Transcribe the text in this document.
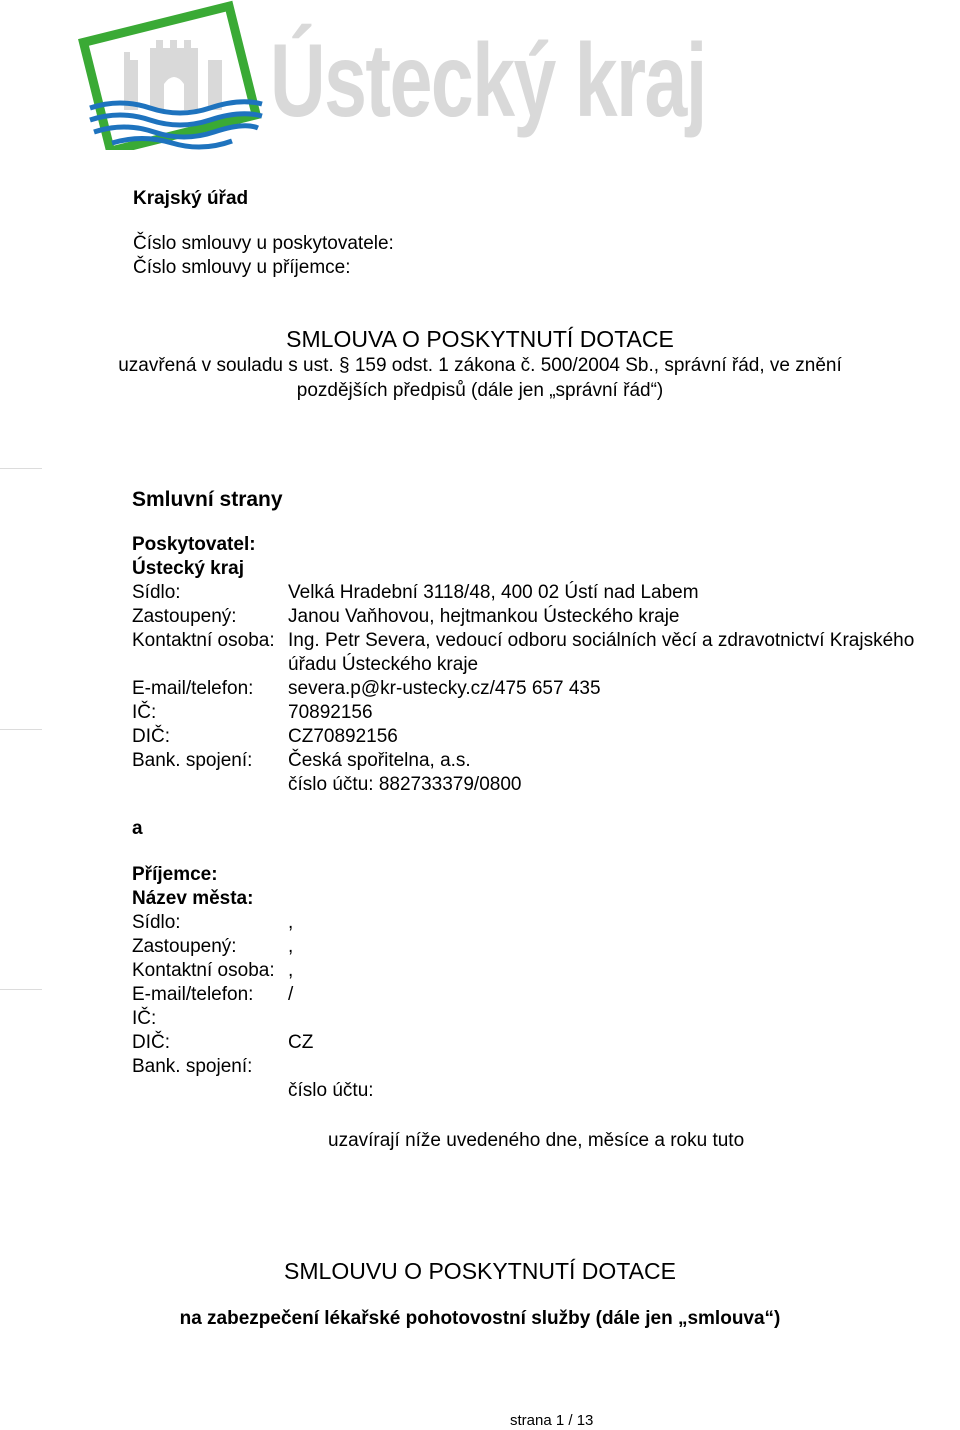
Ústecký kraj
Krajský úřad
Číslo smlouvy u poskytovatele:
Číslo smlouvy u příjemce:
SMLOUVA O POSKYTNUTÍ DOTACE
uzavřená v souladu s ust. § 159 odst. 1 zákona č. 500/2004 Sb., správní řád, ve znění
pozdějších předpisů (dále jen „správní řád“)
Smluvní strany
Poskytovatel:
Ústecký kraj
Sídlo:	Velká Hradební 3118/48, 400 02 Ústí nad Labem
Zastoupený:	Janou Vaňhovou, hejtmankou Ústeckého kraje
Kontaktní osoba: Ing. Petr Severa, vedoucí odboru sociálních věcí a zdravotnictví Krajského
úřadu Ústeckého kraje
E-mail/telefon: severa.p@kr-ustecky.cz/475 657 435
IČ:	70892156
DIČ:	CZ70892156
Bank. spojení: Česká spořitelna, a.s.
číslo účtu: 882733379/0800
a
Příjemce:
Název města:
Sídlo:	,
Zastoupený:	,
Kontaktní osoba: ,
E-mail/telefon: /
IČ:
DIČ:	CZ
Bank. spojení:
číslo účtu:
uzavírají níže uvedeného dne, měsíce a roku tuto
SMLOUVU O POSKYTNUTÍ DOTACE
na zabezpečení lékařské pohotovostní služby (dále jen „smlouva“)
strana 1 / 13
